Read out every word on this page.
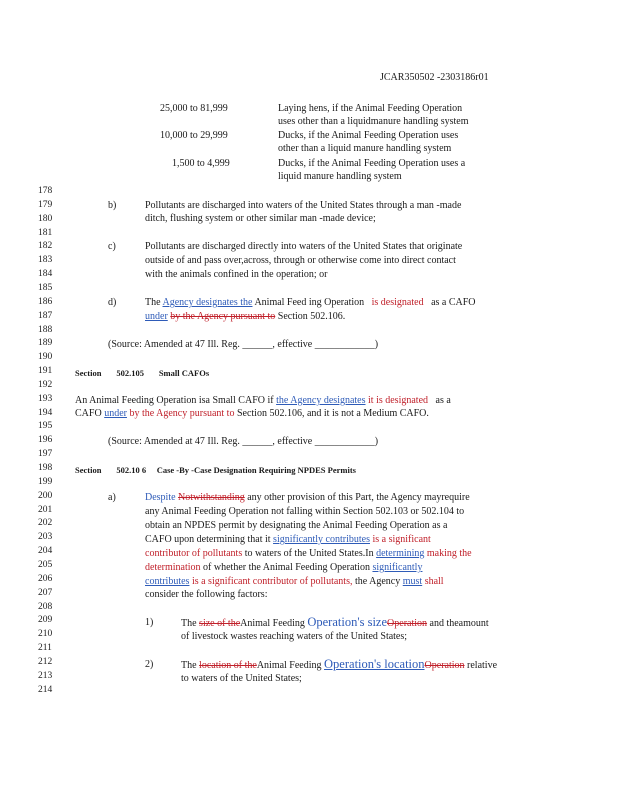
JCAR350502 -2303186r01
25,000 to 81,999	Laying hens, if the Animal Feeding Operation
uses other than a liquidmanure handling system
10,000 to 29,999	Ducks, if the Animal Feeding Operation uses
other than a liquid manure handling system
1,500 to 4,999	Ducks, if the Animal Feeding Operation uses a
liquid manure handling system
178
179
180
181
182
183
184
185
186
187
188
189
190
191
192
193
194
195
196
197
198
199
200
201
202
203
204
205
206
207
208
209
210
211
212
213
214
b)	Pollutants are discharged into waters of the United States through a man -made
ditch, flushing system or other similar man -made device;
c)	Pollutants are discharged directly into waters of the United States that originate
outside of and pass over,across, through or otherwise come into direct contact
with the animals confined in the operation; or
d)	The Agency designates the Animal Feed ing Operation is designated as a CAFO
under by the Agency pursuant to Section 502.106.
(Source: Amended at 47 Ill. Reg. ______, effective ____________)
Section 502.105 Small CAFOs
An Animal Feeding Operation isa Small CAFO if the Agency designates it is designated as a
CAFO under by the Agency pursuant to Section 502.106, and it is not a Medium CAFO.
(Source: Amended at 47 Ill. Reg. ______, effective ____________)
Section 502.10 6 Case -By -Case Designation Requiring NPDES Permits
a)	Despite Notwithstanding any other provision of this Part, the Agency mayrequire
any Animal Feeding Operation not falling within Section 502.103 or 502.104 to
obtain an NPDES permit by designating the Animal Feeding Operation as a
CAFO upon determining that it significantly contributes is a significant
contributor of pollutants to waters of the United States.In determining making the
determination of whether the Animal Feeding Operation significantly
contributes is a significant contributor of pollutants, the Agency must shall
consider the following factors:
1)	The size of theAnimal Feeding Operation's sizeOperation and theamount
of livestock wastes reaching waters of the United States;
2)	The location of theAnimal Feeding Operation's locationOperation relative
to waters of the United States;
